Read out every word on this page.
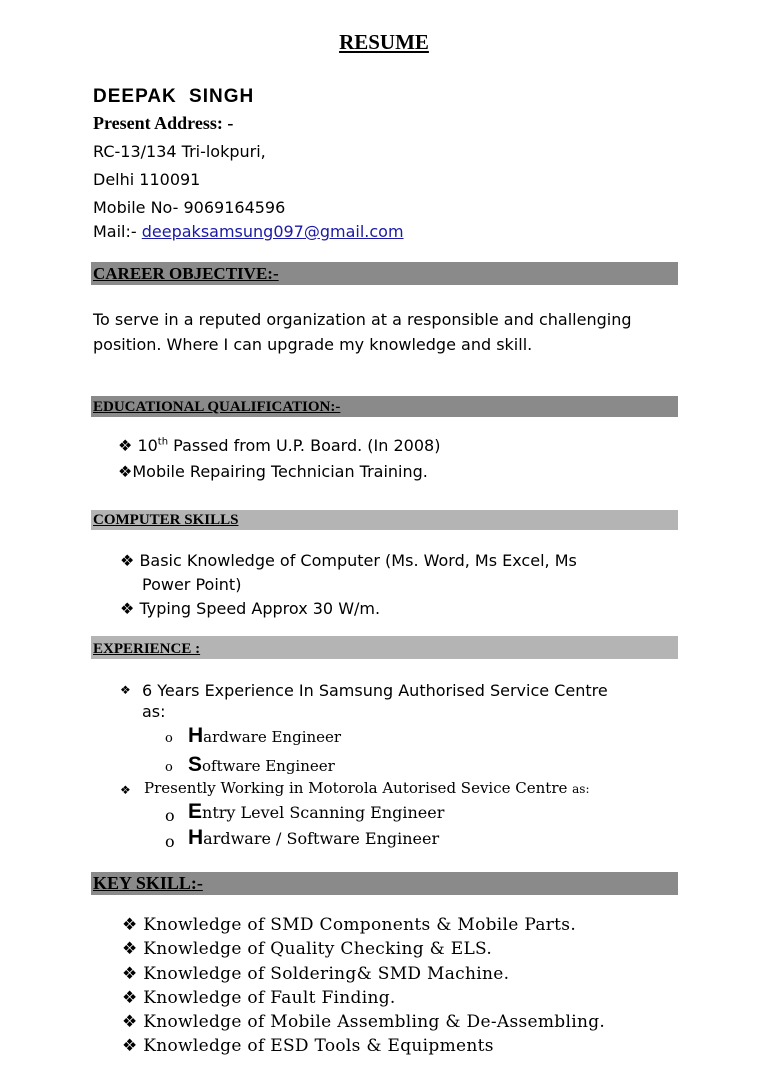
RESUME
DEEPAK SINGH
Present Address: -
RC-13/134 Tri-lokpuri,
Delhi 110091
Mobile No- 9069164596
Mail:- deepaksamsung097@gmail.com
CAREER OBJECTIVE:-
To serve in a reputed organization at a responsible and challenging position. Where I can upgrade my knowledge and skill.
EDUCATIONAL QUALIFICATION:-
❖ 10th Passed from U.P. Board. (In 2008)
❖Mobile Repairing Technician Training.
COMPUTER SKILLS
❖ Basic Knowledge of Computer (Ms. Word, Ms Excel, Ms
Power Point)
❖ Typing Speed Approx 30 W/m.
EXPERIENCE :
❖ 6 Years Experience In Samsung Authorised Service Centre
as:
o Hardware Engineer
o Software Engineer
❖ Presently Working in Motorola Autorised Sevice Centre as:
o Entry Level Scanning Engineer
o Hardware / Software Engineer
KEY SKILL:-
❖ Knowledge of SMD Components & Mobile Parts.
❖ Knowledge of Quality Checking & ELS.
❖ Knowledge of Soldering& SMD Machine.
❖ Knowledge of Fault Finding.
❖ Knowledge of Mobile Assembling & De-Assembling.
❖ Knowledge of ESD Tools & Equipments
